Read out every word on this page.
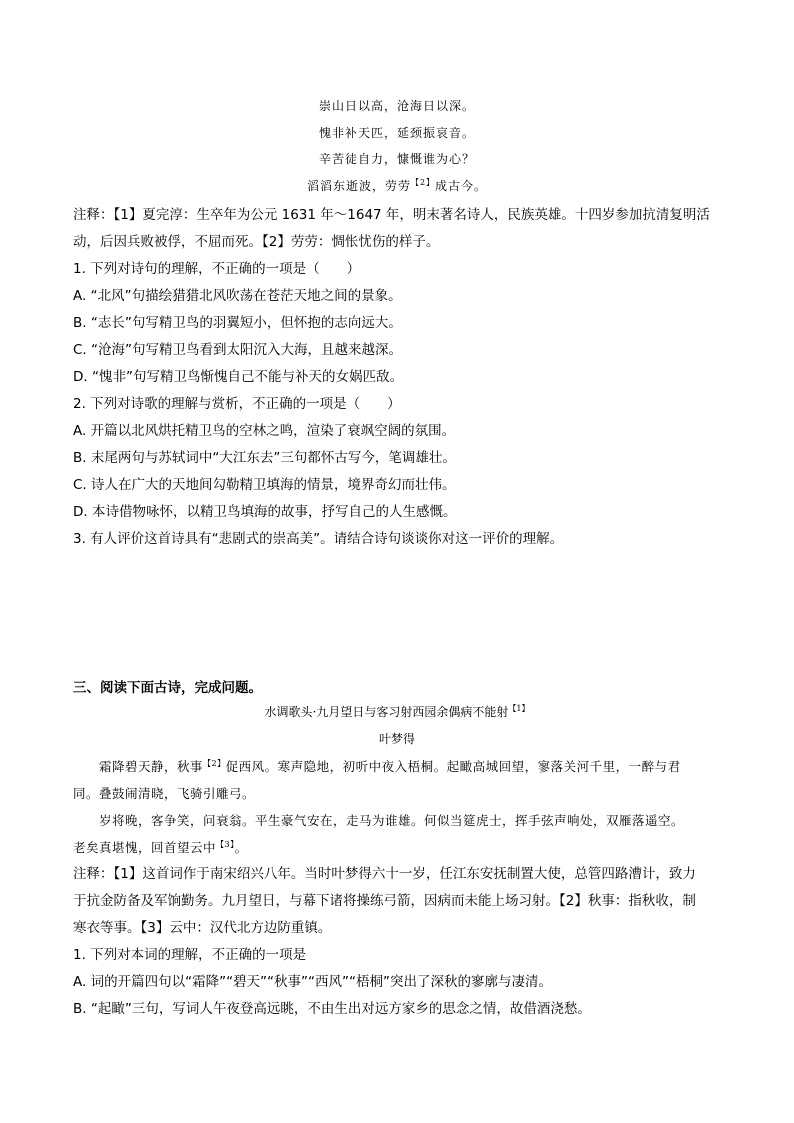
崇山日以高，沧海日以深。
愧非补天匹，延颈振哀音。
辛苦徒自力，慷慨谁为心？
滔滔东逝波，劳劳$^{【2】}$成古今。
注释：【1】夏完淳：生卒年为公元 1631 年～1647 年，明末著名诗人，民族英雄。十四岁参加抗清复明活
动，后因兵败被俘，不屈而死。【2】劳劳：惆怅忧伤的样子。
1. 下列对诗句的理解，不正确的一项是（　　）
A. “北风”句描绘猎猎北风吹荡在苍茫天地之间的景象。
B. “志长”句写精卫鸟的羽翼短小，但怀抱的志向远大。
C. “沧海”句写精卫鸟看到太阳沉入大海，且越来越深。
D. “愧非”句写精卫鸟惭愧自己不能与补天的女娲匹敌。
2. 下列对诗歌的理解与赏析，不正确的一项是（　　）
A. 开篇以北风烘托精卫鸟的空林之鸣，渲染了衰飒空阔的氛围。
B. 末尾两句与苏轼词中“大江东去”三句都怀古写今，笔调雄壮。
C. 诗人在广大的天地间勾勒精卫填海的情景，境界奇幻而壮伟。
D. 本诗借物咏怀，以精卫鸟填海的故事，抒写自己的人生感慨。
3. 有人评价这首诗具有“悲剧式的崇高美”。请结合诗句谈谈你对这一评价的理解。
三、阅读下面古诗，完成问题。
水调歌头·九月望日与客习射西园余偶病不能射$^{【1】}$
叶梦得
　　霜降碧天静，秋事$^{【2】}$促西风。寒声隐地，初听中夜入梧桐。起瞰高城回望，寥落关河千里，一醉与君
同。叠鼓闹清晓，飞骑引雕弓。
　　岁将晚，客争笑，问衰翁。平生豪气安在，走马为谁雄。何似当筵虎士，挥手弦声响处，双雁落遥空。
老矣真堪愧，回首望云中$^{【3】}$。
注释：【1】这首词作于南宋绍兴八年。当时叶梦得六十一岁，任江东安抚制置大使，总管四路漕计，致力
于抗金防备及军饷勤务。九月望日，与幕下诸将操练弓箭，因病而未能上场习射。【2】秋事：指秋收，制
寒衣等事。【3】云中：汉代北方边防重镇。
1. 下列对本词的理解，不正确的一项是
A. 词的开篇四句以“霜降”“碧天”“秋事”“西风”“梧桐”突出了深秋的寥廓与凄清。
B. “起瞰”三句，写词人午夜登高远眺，不由生出对远方家乡的思念之情，故借酒浇愁。
